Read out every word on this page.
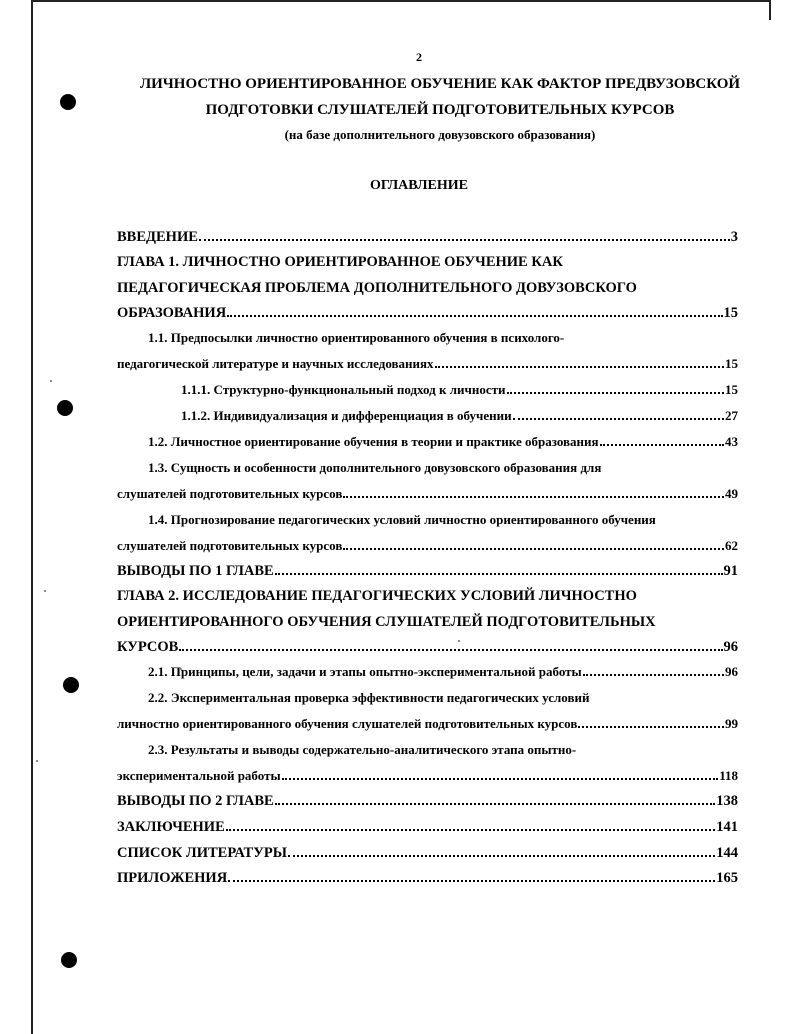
2
ЛИЧНОСТНО ОРИЕНТИРОВАННОЕ ОБУЧЕНИЕ КАК ФАКТОР ПРЕДВУЗОВСКОЙ
ПОДГОТОВКИ СЛУШАТЕЛЕЙ ПОДГОТОВИТЕЛЬНЫХ КУРСОВ
(на базе дополнительного довузовского образования)
ОГЛАВЛЕНИЕ
ВВЕДЕНИЕ	3
ГЛАВА 1. ЛИЧНОСТНО ОРИЕНТИРОВАННОЕ ОБУЧЕНИЕ КАК
ПЕДАГОГИЧЕСКАЯ ПРОБЛЕМА ДОПОЛНИТЕЛЬНОГО ДОВУЗОВСКОГО
ОБРАЗОВАНИЯ	15
1.1. Предпосылки личностно ориентированного обучения в психолого-
педагогической литературе и научных исследованиях	15
1.1.1. Структурно-функциональный подход к личности	15
1.1.2. Индивидуализация и дифференциация в обучении	27
1.2. Личностное ориентирование обучения в теории и практике образования	43
1.3. Сущность и особенности дополнительного довузовского образования для
слушателей подготовительных курсов	49
1.4. Прогнозирование педагогических условий личностно ориентированного обучения
слушателей подготовительных курсов	62
ВЫВОДЫ ПО 1 ГЛАВЕ	91
ГЛАВА 2. ИССЛЕДОВАНИЕ ПЕДАГОГИЧЕСКИХ УСЛОВИЙ ЛИЧНОСТНО
ОРИЕНТИРОВАННОГО ОБУЧЕНИЯ СЛУШАТЕЛЕЙ ПОДГОТОВИТЕЛЬНЫХ
КУРСОВ	96
2.1. Принципы, цели, задачи и этапы опытно-экспериментальной работы	96
2.2. Экспериментальная проверка эффективности педагогических условий
личностно ориентированного обучения слушателей подготовительных курсов	99
2.3. Результаты и выводы содержательно-аналитического этапа опытно-
экспериментальной работы	118
ВЫВОДЫ ПО 2 ГЛАВЕ	138
ЗАКЛЮЧЕНИЕ	141
СПИСОК ЛИТЕРАТУРЫ	144
ПРИЛОЖЕНИЯ	165
